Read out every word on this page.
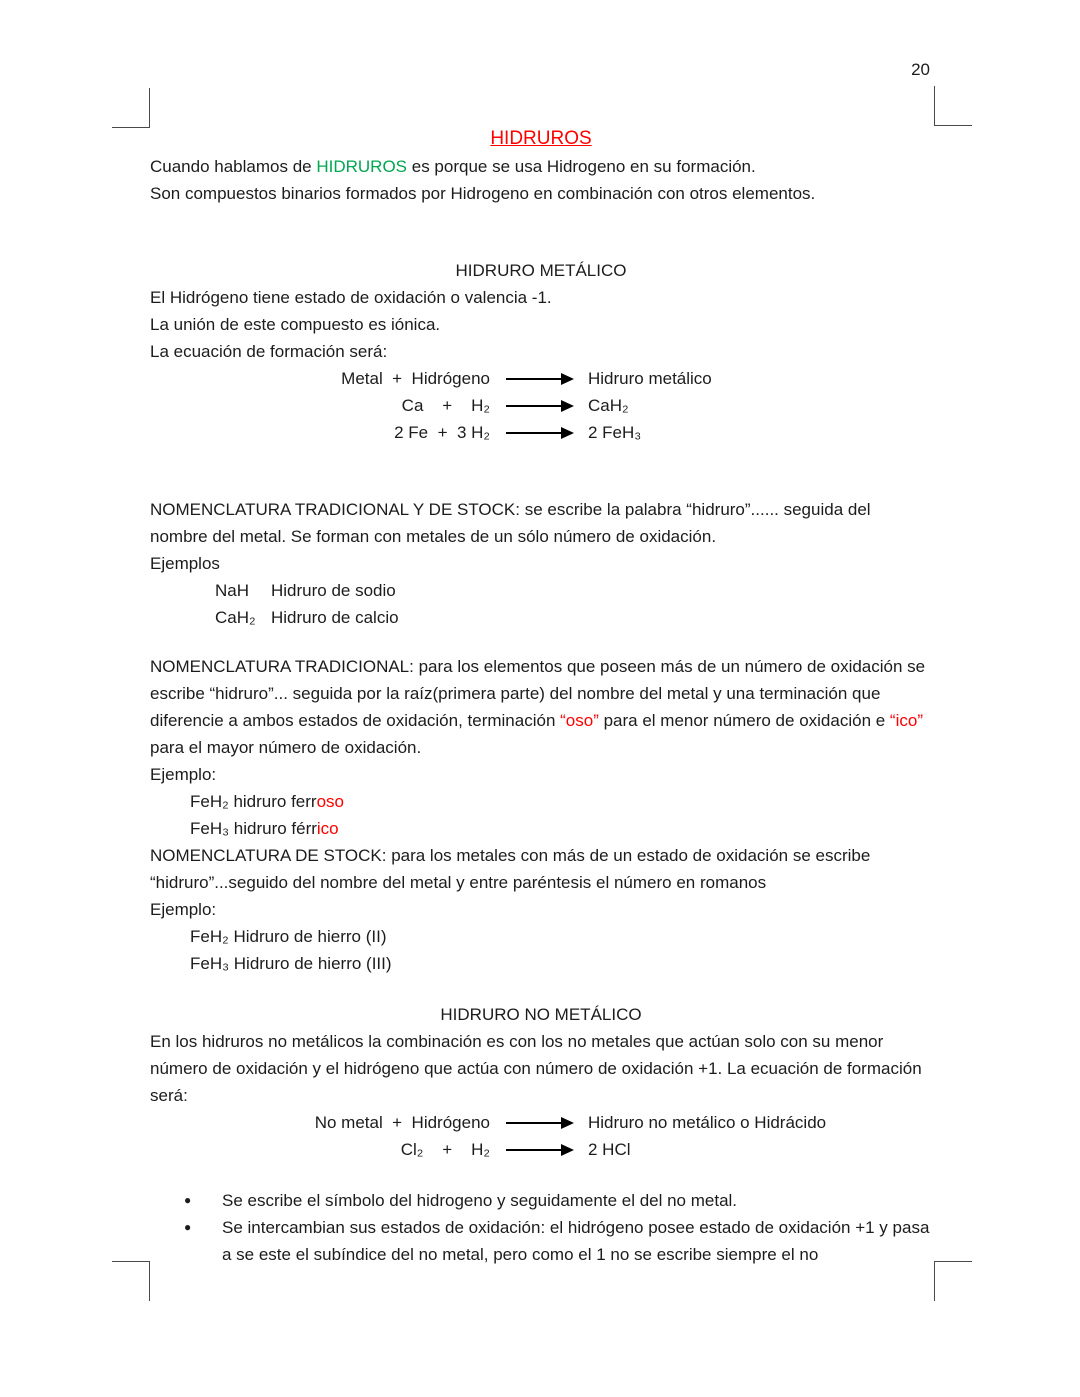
20
HIDRUROS

Cuando hablamos de HIDRUROS es porque se usa Hidrogeno en su formación.

Son compuestos binarios formados por Hidrogeno en combinación con otros elementos.

HIDRURO METÁLICO

El Hidrógeno tiene estado de oxidación o valencia -1.

La unión de este compuesto es iónica.

La ecuación de formación será:

Metal  +  Hidrógeno	Hidruro metálico
Ca    +    H₂	CaH₂
2 Fe  +  3 H₂	2 FeH₃

NOMENCLATURA TRADICIONAL Y DE STOCK: se escribe la palabra “hidruro”...... seguida del nombre del metal. Se forman con metales de un sólo número de oxidación.

Ejemplos

NaH	Hidruro de sodio
CaH₂ Hidruro de calcio

NOMENCLATURA TRADICIONAL: para los elementos que poseen más de un número de oxidación se escribe “hidruro”... seguida por la raíz(primera parte) del nombre del metal y una terminación que diferencie a ambos estados de oxidación, terminación “oso” para el menor número de oxidación e “ico” para el mayor número de oxidación.

Ejemplo:

FeH₂ hidruro ferroso
FeH₃ hidruro férrico

NOMENCLATURA DE STOCK: para los metales con más de un estado de oxidación se escribe “hidruro”...seguido del nombre del metal y entre paréntesis el número en romanos

Ejemplo:

FeH₂ Hidruro de hierro (II)
FeH₃ Hidruro de hierro (III)
HIDRURO NO METÁLICO

En los hidruros no metálicos la combinación es con los no metales que actúan solo con su menor número de oxidación y el hidrógeno que actúa con número de oxidación +1. La ecuación de formación será:

No metal  +  Hidrógeno	Hidruro no metálico o Hidrácido
Cl₂    +    H₂	2 HCl
●	Se escribe el símbolo del hidrogeno y seguidamente el del no metal.
●	Se intercambian sus estados de oxidación: el hidrógeno posee estado de oxidación +1 y pasa a se este el subíndice del no metal, pero como el 1 no se escribe siempre el no
